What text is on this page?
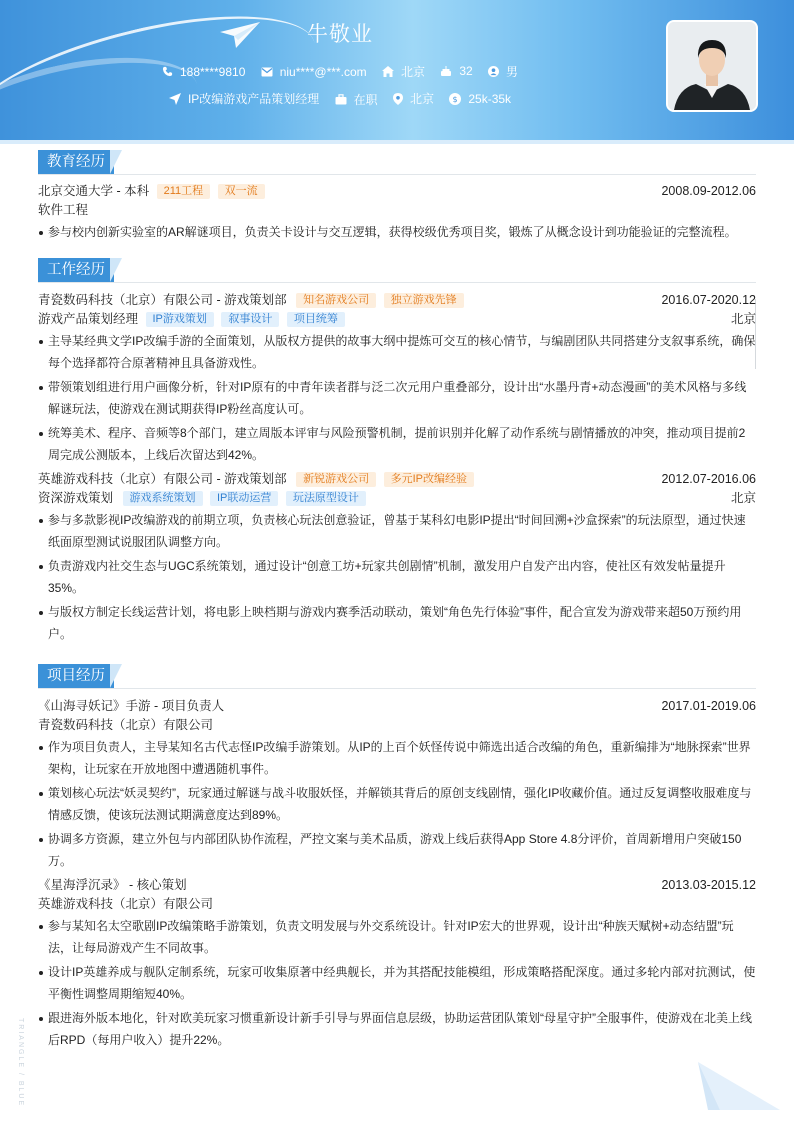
牛敬业
188****9810
	niu****@***.com
	北京
	32
	男
IP改编游戏产品策划经理
	在职
	北京
$ 25k-35k
教育经历
北京交通大学 - 本科 211工程 双一流	2008.09-2012.06
软件工程
参与校内创新实验室的AR解谜项目，负责关卡设计与交互逻辑，获得校级优秀项目奖，锻炼了从概念设计到功能验证的完整流程。
工作经历
青瓷数码科技（北京）有限公司 - 游戏策划部 知名游戏公司 独立游戏先锋	2016.07-2020.12
游戏产品策划经理 IP游戏策划 叙事设计 项目统筹	北京
主导某经典文学IP改编手游的全面策划，从版权方提供的故事大纲中提炼可交互的核心情节，与编剧团队共同搭建分支叙事系统，确保每个选择都符合原著精神且具备游戏性。
带领策划组进行用户画像分析，针对IP原有的中青年读者群与泛二次元用户重叠部分，设计出“水墨丹青+动态漫画”的美术风格与多线解谜玩法，使游戏在测试期获得IP粉丝高度认可。
统筹美术、程序、音频等8个部门，建立周版本评审与风险预警机制，提前识别并化解了动作系统与剧情播放的冲突，推动项目提前2周完成公测版本，上线后次留达到42%。
英雄游戏科技（北京）有限公司 - 游戏策划部 新锐游戏公司 多元IP改编经验	2012.07-2016.06
资深游戏策划 游戏系统策划 IP联动运营 玩法原型设计	北京
参与多款影视IP改编游戏的前期立项，负责核心玩法创意验证，曾基于某科幻电影IP提出“时间回溯+沙盒探索”的玩法原型，通过快速纸面原型测试说服团队调整方向。
负责游戏内社交生态与UGC系统策划，通过设计“创意工坊+玩家共创剧情”机制，激发用户自发产出内容，使社区有效发帖量提升35%。
与版权方制定长线运营计划，将电影上映档期与游戏内赛季活动联动，策划“角色先行体验”事件，配合宣发为游戏带来超50万预约用户。
项目经历
《山海寻妖记》手游 - 项目负责人	2017.01-2019.06
青瓷数码科技（北京）有限公司
作为项目负责人，主导某知名古代志怪IP改编手游策划。从IP的上百个妖怪传说中筛选出适合改编的角色，重新编排为“地脉探索”世界架构，让玩家在开放地图中遭遇随机事件。
策划核心玩法“妖灵契约”，玩家通过解谜与战斗收服妖怪，并解锁其背后的原创支线剧情，强化IP收藏价值。通过反复调整收服难度与情感反馈，使该玩法测试期满意度达到89%。
协调多方资源，建立外包与内部团队协作流程，严控文案与美术品质，游戏上线后获得App Store 4.8分评价，首周新增用户突破150万。
《星海浮沉录》 - 核心策划	2013.03-2015.12
英雄游戏科技（北京）有限公司
参与某知名太空歌剧IP改编策略手游策划，负责文明发展与外交系统设计。针对IP宏大的世界观，设计出“种族天赋树+动态结盟”玩法，让每局游戏产生不同故事。
设计IP英雄养成与舰队定制系统，玩家可收集原著中经典舰长，并为其搭配技能模组，形成策略搭配深度。通过多轮内部对抗测试，使平衡性调整周期缩短40%。
跟进海外版本地化，针对欧美玩家习惯重新设计新手引导与界面信息层级，协助运营团队策划“母星守护”全服事件，使游戏在北美上线后RPD（每用户收入）提升22%。
TRIANGLE / BLUE
